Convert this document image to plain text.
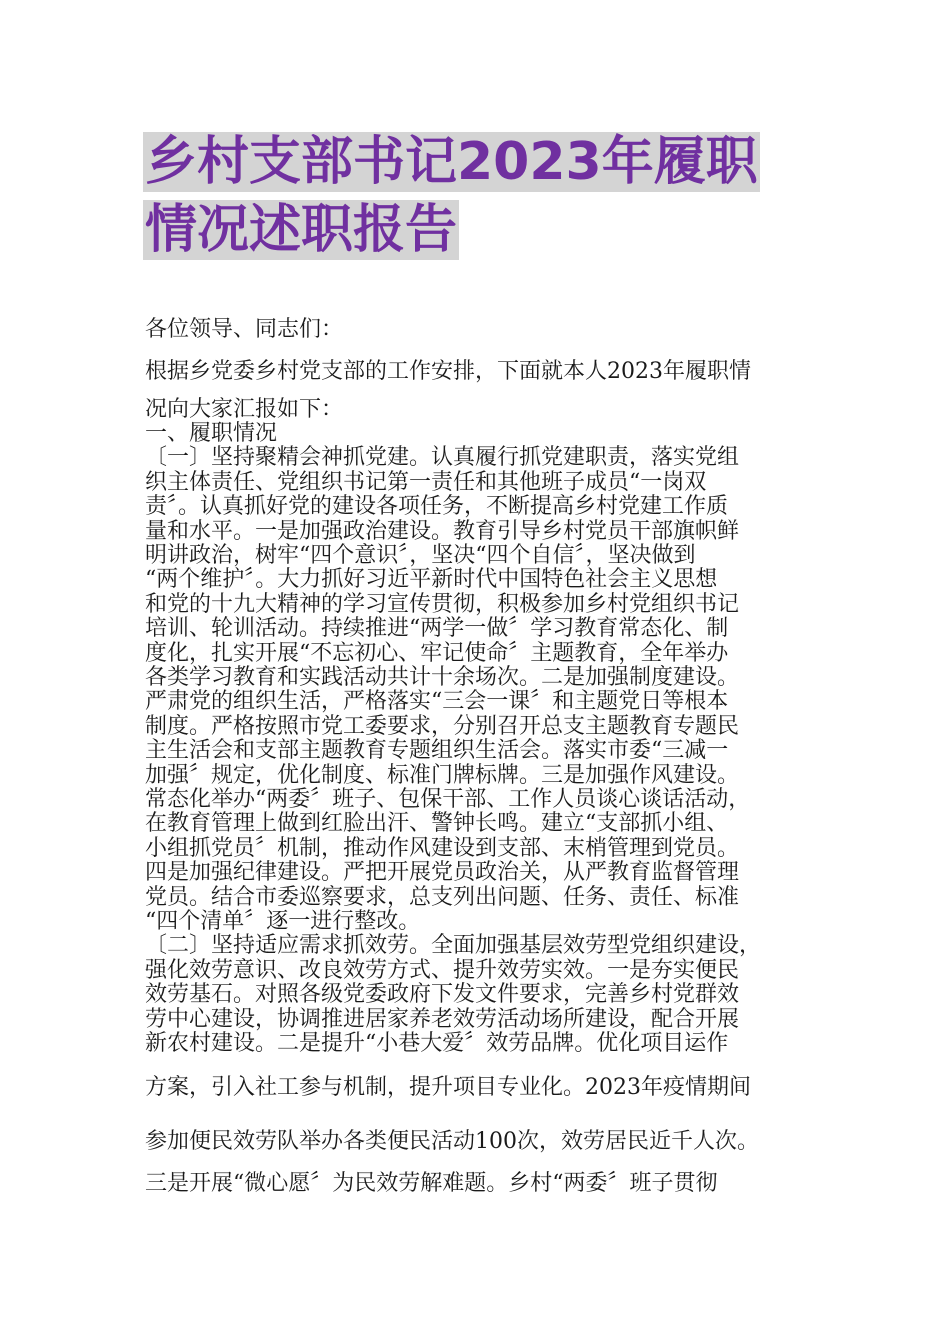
乡村支部书记2023年履职
情况述职报告
各位领导、同志们：
根据乡党委乡村党支部的工作安排，下面就本人2023年履职情
况向大家汇报如下：
一、履职情况
〔一〕坚持聚精会神抓党建。认真履行抓党建职责，落实党组
织主体责任、党组织书记第一责任和其他班子成员“一岗双
责〞。认真抓好党的建设各项任务，不断提高乡村党建工作质
量和水平。一是加强政治建设。教育引导乡村党员干部旗帜鲜
明讲政治，树牢“四个意识〞，坚决“四个自信〞，坚决做到
“两个维护〞。大力抓好习近平新时代中国特色社会主义思想
和党的十九大精神的学习宣传贯彻，积极参加乡村党组织书记
培训、轮训活动。持续推进“两学一做〞学习教育常态化、制
度化，扎实开展“不忘初心、牢记使命〞主题教育，全年举办
各类学习教育和实践活动共计十余场次。二是加强制度建设。
严肃党的组织生活，严格落实“三会一课〞和主题党日等根本
制度。严格按照市党工委要求，分别召开总支主题教育专题民
主生活会和支部主题教育专题组织生活会。落实市委“三减一
加强〞规定，优化制度、标准门牌标牌。三是加强作风建设。
常态化举办“两委〞班子、包保干部、工作人员谈心谈话活动，
在教育管理上做到红脸出汗、警钟长鸣。建立“支部抓小组、
小组抓党员〞机制，推动作风建设到支部、末梢管理到党员。
四是加强纪律建设。严把开展党员政治关，从严教育监督管理
党员。结合市委巡察要求，总支列出问题、任务、责任、标准
“四个清单〞逐一进行整改。
〔二〕坚持适应需求抓效劳。全面加强基层效劳型党组织建设，
强化效劳意识、改良效劳方式、提升效劳实效。一是夯实便民
效劳基石。对照各级党委政府下发文件要求，完善乡村党群效
劳中心建设，协调推进居家养老效劳活动场所建设，配合开展
新农村建设。二是提升“小巷大爱〞效劳品牌。优化项目运作
方案，引入社工参与机制，提升项目专业化。2023年疫情期间
参加便民效劳队举办各类便民活动100次，效劳居民近千人次。
三是开展“微心愿〞为民效劳解难题。乡村“两委〞班子贯彻
